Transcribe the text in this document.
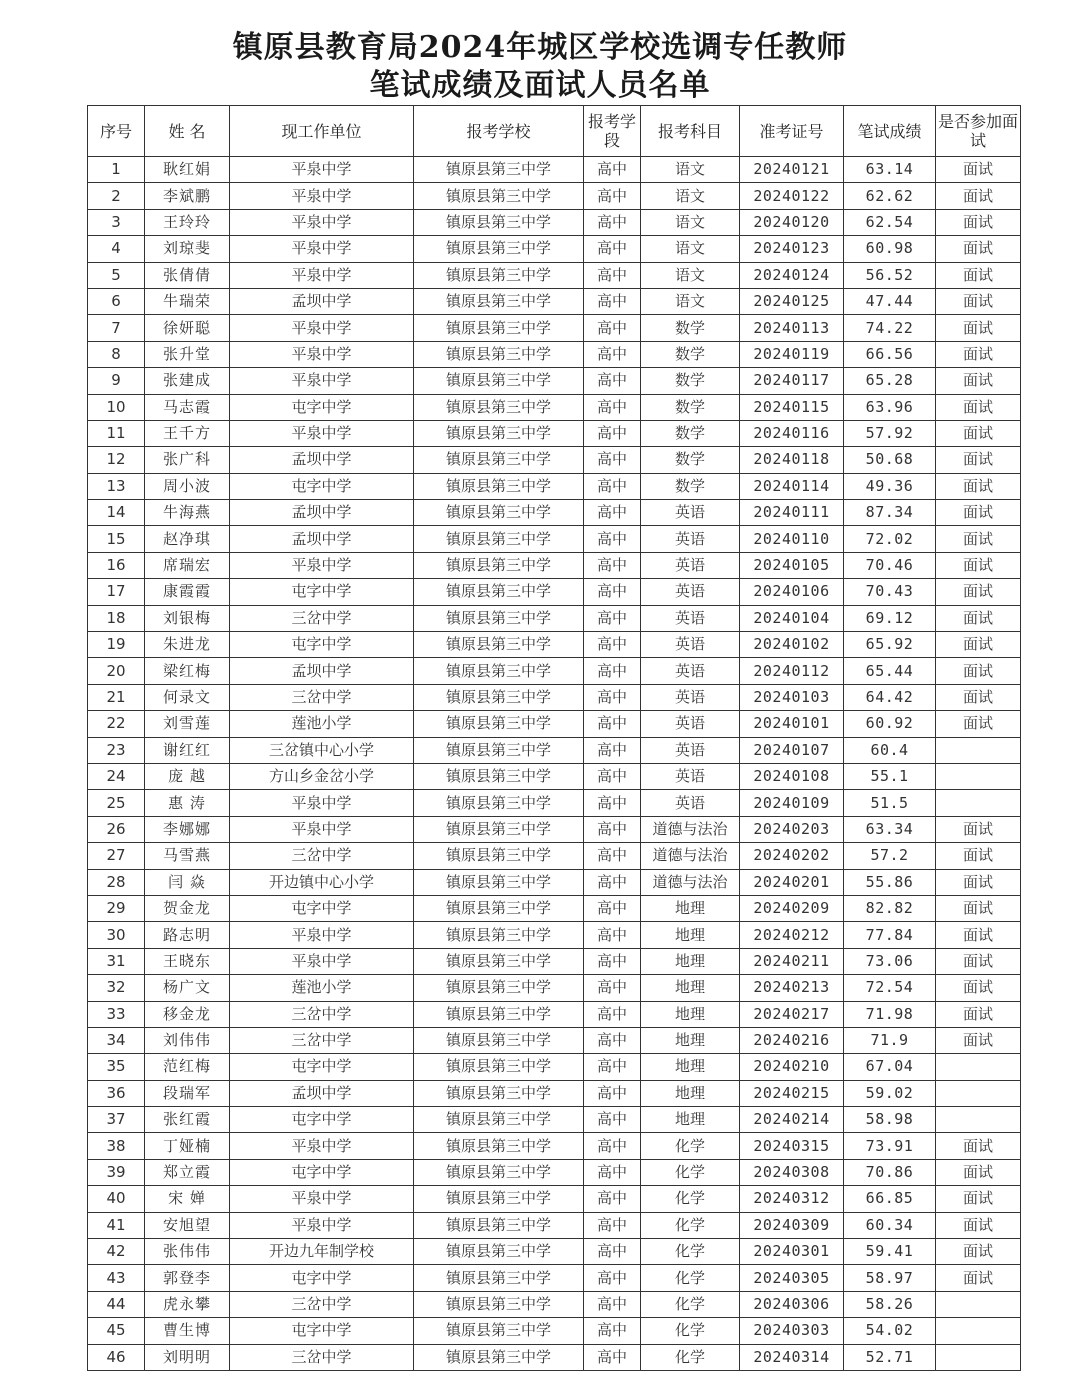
镇原县教育局2024年城区学校选调专任教师
笔试成绩及面试人员名单
序号	姓 名	现工作单位	报考学校	报考学段	报考科目	准考证号	笔试成绩	是否参加面试
1	耿红娟	平泉中学	镇原县第三中学	高中	语文	20240121	63.14	面试
2	李斌鹏	平泉中学	镇原县第三中学	高中	语文	20240122	62.62	面试
3	王玲玲	平泉中学	镇原县第三中学	高中	语文	20240120	62.54	面试
4	刘琼斐	平泉中学	镇原县第三中学	高中	语文	20240123	60.98	面试
5	张倩倩	平泉中学	镇原县第三中学	高中	语文	20240124	56.52	面试
6	牛瑞荣	孟坝中学	镇原县第三中学	高中	语文	20240125	47.44	面试
7	徐妍聪	平泉中学	镇原县第三中学	高中	数学	20240113	74.22	面试
8	张升堂	平泉中学	镇原县第三中学	高中	数学	20240119	66.56	面试
9	张建成	平泉中学	镇原县第三中学	高中	数学	20240117	65.28	面试
10	马志霞	屯字中学	镇原县第三中学	高中	数学	20240115	63.96	面试
11	王千方	平泉中学	镇原县第三中学	高中	数学	20240116	57.92	面试
12	张广科	孟坝中学	镇原县第三中学	高中	数学	20240118	50.68	面试
13	周小波	屯字中学	镇原县第三中学	高中	数学	20240114	49.36	面试
14	牛海燕	孟坝中学	镇原县第三中学	高中	英语	20240111	87.34	面试
15	赵净琪	孟坝中学	镇原县第三中学	高中	英语	20240110	72.02	面试
16	席瑞宏	平泉中学	镇原县第三中学	高中	英语	20240105	70.46	面试
17	康霞霞	屯字中学	镇原县第三中学	高中	英语	20240106	70.43	面试
18	刘银梅	三岔中学	镇原县第三中学	高中	英语	20240104	69.12	面试
19	朱进龙	屯字中学	镇原县第三中学	高中	英语	20240102	65.92	面试
20	梁红梅	孟坝中学	镇原县第三中学	高中	英语	20240112	65.44	面试
21	何录文	三岔中学	镇原县第三中学	高中	英语	20240103	64.42	面试
22	刘雪莲	莲池小学	镇原县第三中学	高中	英语	20240101	60.92	面试
23	谢红红	三岔镇中心小学	镇原县第三中学	高中	英语	20240107	60.4	
24	庞 越	方山乡金岔小学	镇原县第三中学	高中	英语	20240108	55.1	
25	惠 涛	平泉中学	镇原县第三中学	高中	英语	20240109	51.5	
26	李娜娜	平泉中学	镇原县第三中学	高中	道德与法治	20240203	63.34	面试
27	马雪燕	三岔中学	镇原县第三中学	高中	道德与法治	20240202	57.2	面试
28	闫 焱	开边镇中心小学	镇原县第三中学	高中	道德与法治	20240201	55.86	面试
29	贺金龙	屯字中学	镇原县第三中学	高中	地理	20240209	82.82	面试
30	路志明	平泉中学	镇原县第三中学	高中	地理	20240212	77.84	面试
31	王晓东	平泉中学	镇原县第三中学	高中	地理	20240211	73.06	面试
32	杨广文	莲池小学	镇原县第三中学	高中	地理	20240213	72.54	面试
33	移金龙	三岔中学	镇原县第三中学	高中	地理	20240217	71.98	面试
34	刘伟伟	三岔中学	镇原县第三中学	高中	地理	20240216	71.9	面试
35	范红梅	屯字中学	镇原县第三中学	高中	地理	20240210	67.04	
36	段瑞军	孟坝中学	镇原县第三中学	高中	地理	20240215	59.02	
37	张红霞	屯字中学	镇原县第三中学	高中	地理	20240214	58.98	
38	丁娅楠	平泉中学	镇原县第三中学	高中	化学	20240315	73.91	面试
39	郑立霞	屯字中学	镇原县第三中学	高中	化学	20240308	70.86	面试
40	宋 婵	平泉中学	镇原县第三中学	高中	化学	20240312	66.85	面试
41	安旭望	平泉中学	镇原县第三中学	高中	化学	20240309	60.34	面试
42	张伟伟	开边九年制学校	镇原县第三中学	高中	化学	20240301	59.41	面试
43	郭登李	屯字中学	镇原县第三中学	高中	化学	20240305	58.97	面试
44	虎永攀	三岔中学	镇原县第三中学	高中	化学	20240306	58.26	
45	曹生博	屯字中学	镇原县第三中学	高中	化学	20240303	54.02	
46	刘明明	三岔中学	镇原县第三中学	高中	化学	20240314	52.71	
